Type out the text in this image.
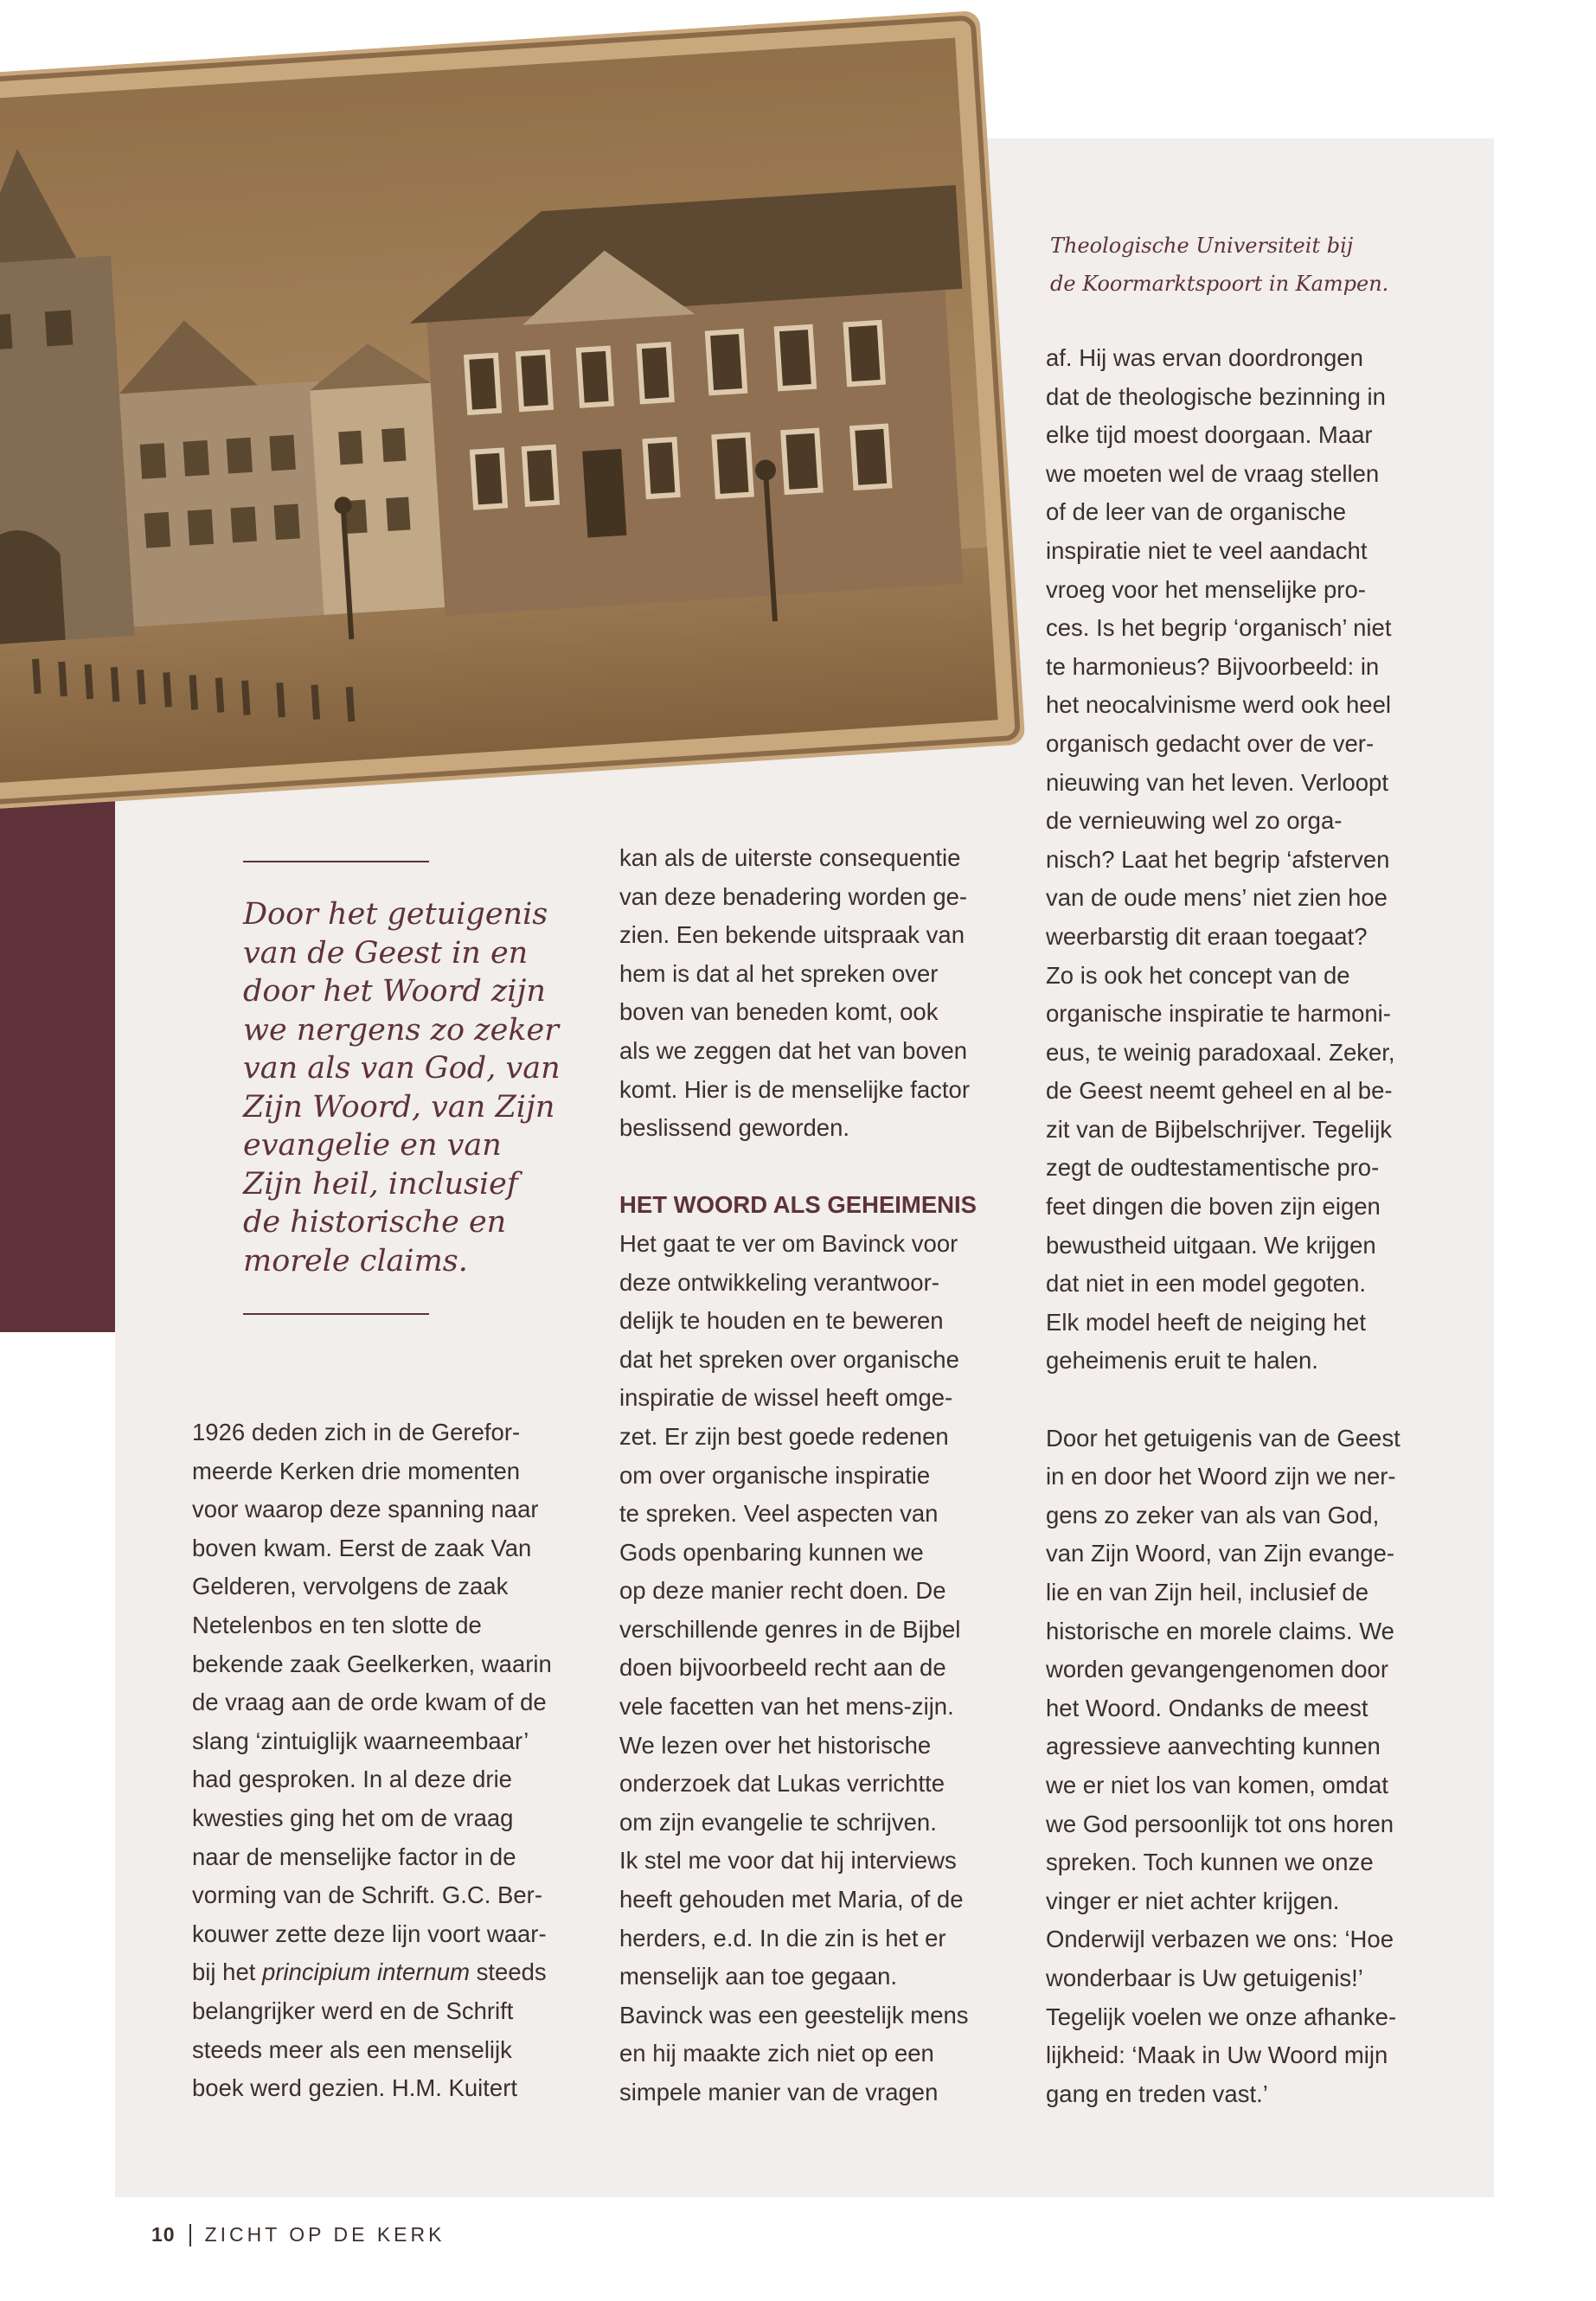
Theologische Universiteit bij
de Koormarktspoort in Kampen.
Door het getuigenis
van de Geest in en
door het Woord zijn
we nergens zo zeker
van als van God, van
Zijn Woord, van Zijn
evangelie en van
Zijn heil, inclusief
de historische en
morele claims.
1926 deden zich in de Gerefor-
meerde Kerken drie momenten
voor waarop deze spanning naar
boven kwam. Eerst de zaak Van
Gelderen, vervolgens de zaak
Netelenbos en ten slotte de
bekende zaak Geelkerken, waarin
de vraag aan de orde kwam of de
slang ‘zintuiglijk waarneembaar’
had gesproken. In al deze drie
kwesties ging het om de vraag
naar de menselijke factor in de
vorming van de Schrift. G.C. Ber-
kouwer zette deze lijn voort waar-
bij het principium internum steeds
belangrijker werd en de Schrift
steeds meer als een menselijk
boek werd gezien. H.M. Kuitert
kan als de uiterste consequentie
van deze benadering worden ge-
zien. Een bekende uitspraak van
hem is dat al het spreken over
boven van beneden komt, ook
als we zeggen dat het van boven
komt. Hier is de menselijke factor
beslissend geworden.
HET WOORD ALS GEHEIMENIS
Het gaat te ver om Bavinck voor
deze ontwikkeling verantwoor-
delijk te houden en te beweren
dat het spreken over organische
inspiratie de wissel heeft omge-
zet. Er zijn best goede redenen
om over organische inspiratie
te spreken. Veel aspecten van
Gods openbaring kunnen we
op deze manier recht doen. De
verschillende genres in de Bijbel
doen bijvoorbeeld recht aan de
vele facetten van het mens-zijn.
We lezen over het historische
onderzoek dat Lukas verrichtte
om zijn evangelie te schrijven.
Ik stel me voor dat hij interviews
heeft gehouden met Maria, of de
herders, e.d. In die zin is het er
menselijk aan toe gegaan.
Bavinck was een geestelijk mens
en hij maakte zich niet op een
simpele manier van de vragen
af. Hij was ervan doordrongen
dat de theologische bezinning in
elke tijd moest doorgaan. Maar
we moeten wel de vraag stellen
of de leer van de organische
inspiratie niet te veel aandacht
vroeg voor het menselijke pro-
ces. Is het begrip ‘organisch’ niet
te harmonieus? Bijvoorbeeld: in
het neocalvinisme werd ook heel
organisch gedacht over de ver-
nieuwing van het leven. Verloopt
de vernieuwing wel zo orga-
nisch? Laat het begrip ‘afsterven
van de oude mens’ niet zien hoe
weerbarstig dit eraan toegaat?
Zo is ook het concept van de
organische inspiratie te harmoni-
eus, te weinig paradoxaal. Zeker,
de Geest neemt geheel en al be-
zit van de Bijbelschrijver. Tegelijk
zegt de oudtestamentische pro-
feet dingen die boven zijn eigen
bewustheid uitgaan. We krijgen
dat niet in een model gegoten.
Elk model heeft de neiging het
geheimenis eruit te halen.
Door het getuigenis van de Geest
in en door het Woord zijn we ner-
gens zo zeker van als van God,
van Zijn Woord, van Zijn evange-
lie en van Zijn heil, inclusief de
historische en morele claims. We
worden gevangengenomen door
het Woord. Ondanks de meest
agressieve aanvechting kunnen
we er niet los van komen, omdat
we God persoonlijk tot ons horen
spreken. Toch kunnen we onze
vinger er niet achter krijgen.
Onderwijl verbazen we ons: ‘Hoe
wonderbaar is Uw getuigenis!’
Tegelijk voelen we onze afhanke-
lijkheid: ‘Maak in Uw Woord mijn
gang en treden vast.’
10 ZICHT OP DE KERK
